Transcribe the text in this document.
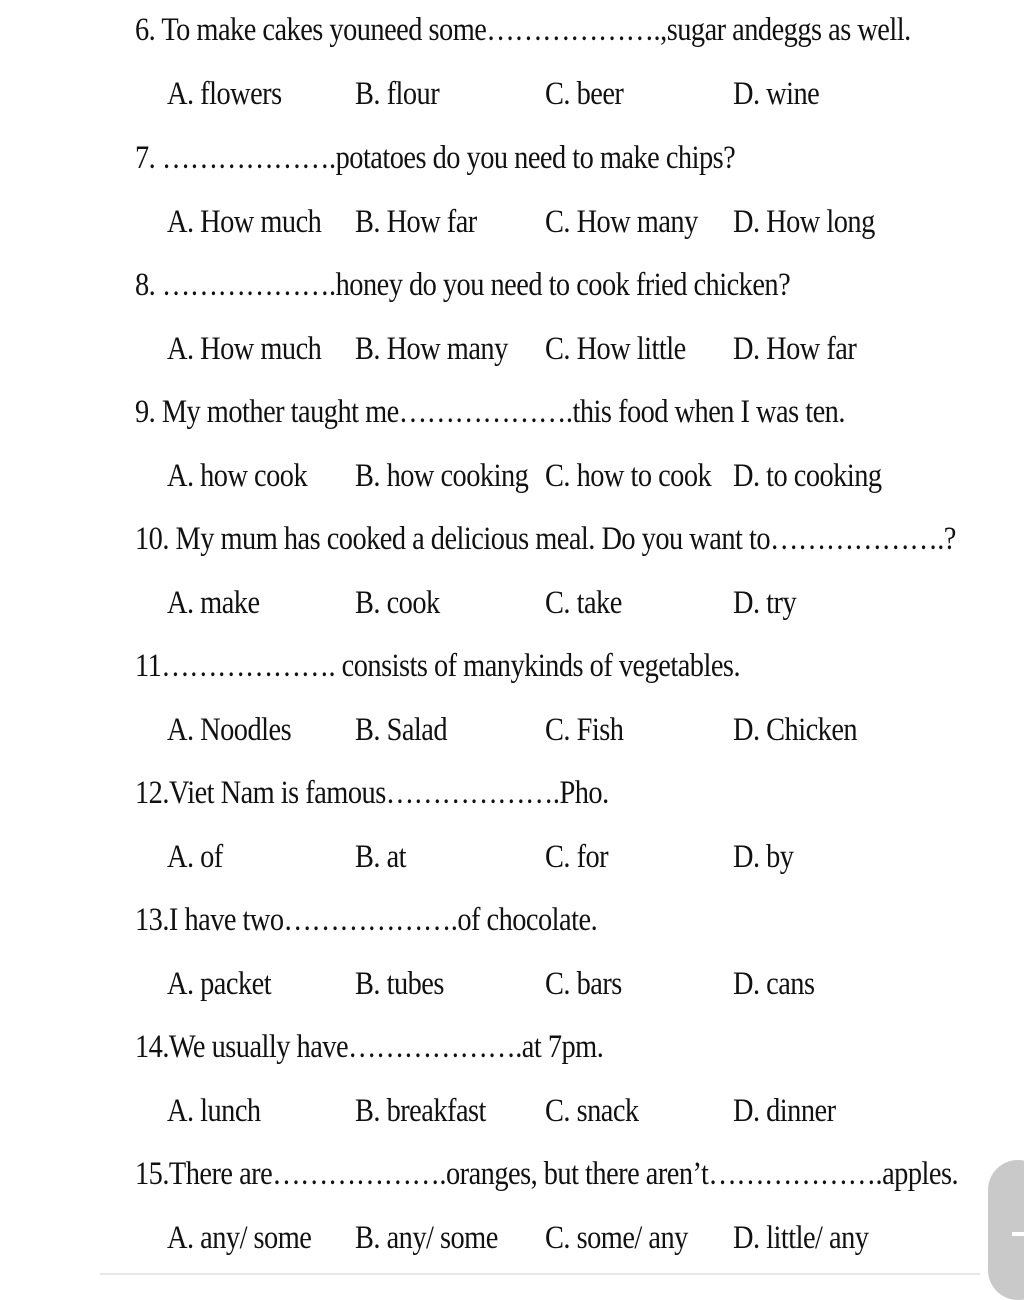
6. To make cakes youneed some……………….,sugar andeggs as well.
A. flowers B. flour	C. beer	D. wine
7. ……………….potatoes do you need to make chips?
A. How much B. How far C. How many D. How long
8. ……………….honey do you need to cook fried chicken?
A. How much B. How many C. How little D. How far
9. My mother taught me……………….this food when I was ten.
A. how cook B. how cooking C. how to cook D. to cooking
10. My mum has cooked a delicious meal. Do you want to……………….?
A. make	B. cook	C. take	D. try
11………………. consists of manykinds of vegetables.
A. Noodles B. Salad	C. Fish	D. Chicken
12.Viet Nam is famous……………….Pho.
A. of	B. at	C. for	D. by
13.I have two……………….of chocolate.
A. packet	B. tubes	C. bars	D. cans
14.We usually have……………….at 7pm.
A. lunch	B. breakfast C. snack	D. dinner
15.There are……………….oranges, but there aren’t……………….apples.
A. any/ some B. any/ some C. some/ any D. little/ any
